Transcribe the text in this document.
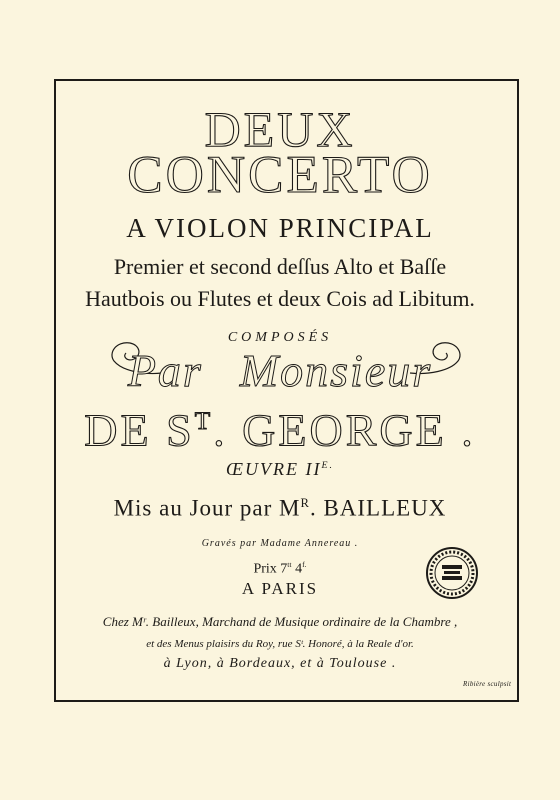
DEUX
CONCERTO
A VIOLON PRINCIPAL
Premier et second deſſus Alto et Baſſe
Hautbois ou Flutes et deux Cois ad Libitum.
COMPOSÉS
Par Monsieur
DE $S^T$. GEORGE .
ŒUVRE $II^{E.}$
Mis au Jour par $M^R$. BAILLEUX
Gravés par Madame Annereau .
Prix $7^{tt}$ $4^{f.}$
A PARIS
Chez Mʳ. Bailleux, Marchand de Musique ordinaire de la Chambre ,
et des Menus plaisirs du Roy, rue Sᵗ. Honoré, à la Reale d'or.
à Lyon, à Bordeaux, et à Toulouse .
Ribière sculpsit
